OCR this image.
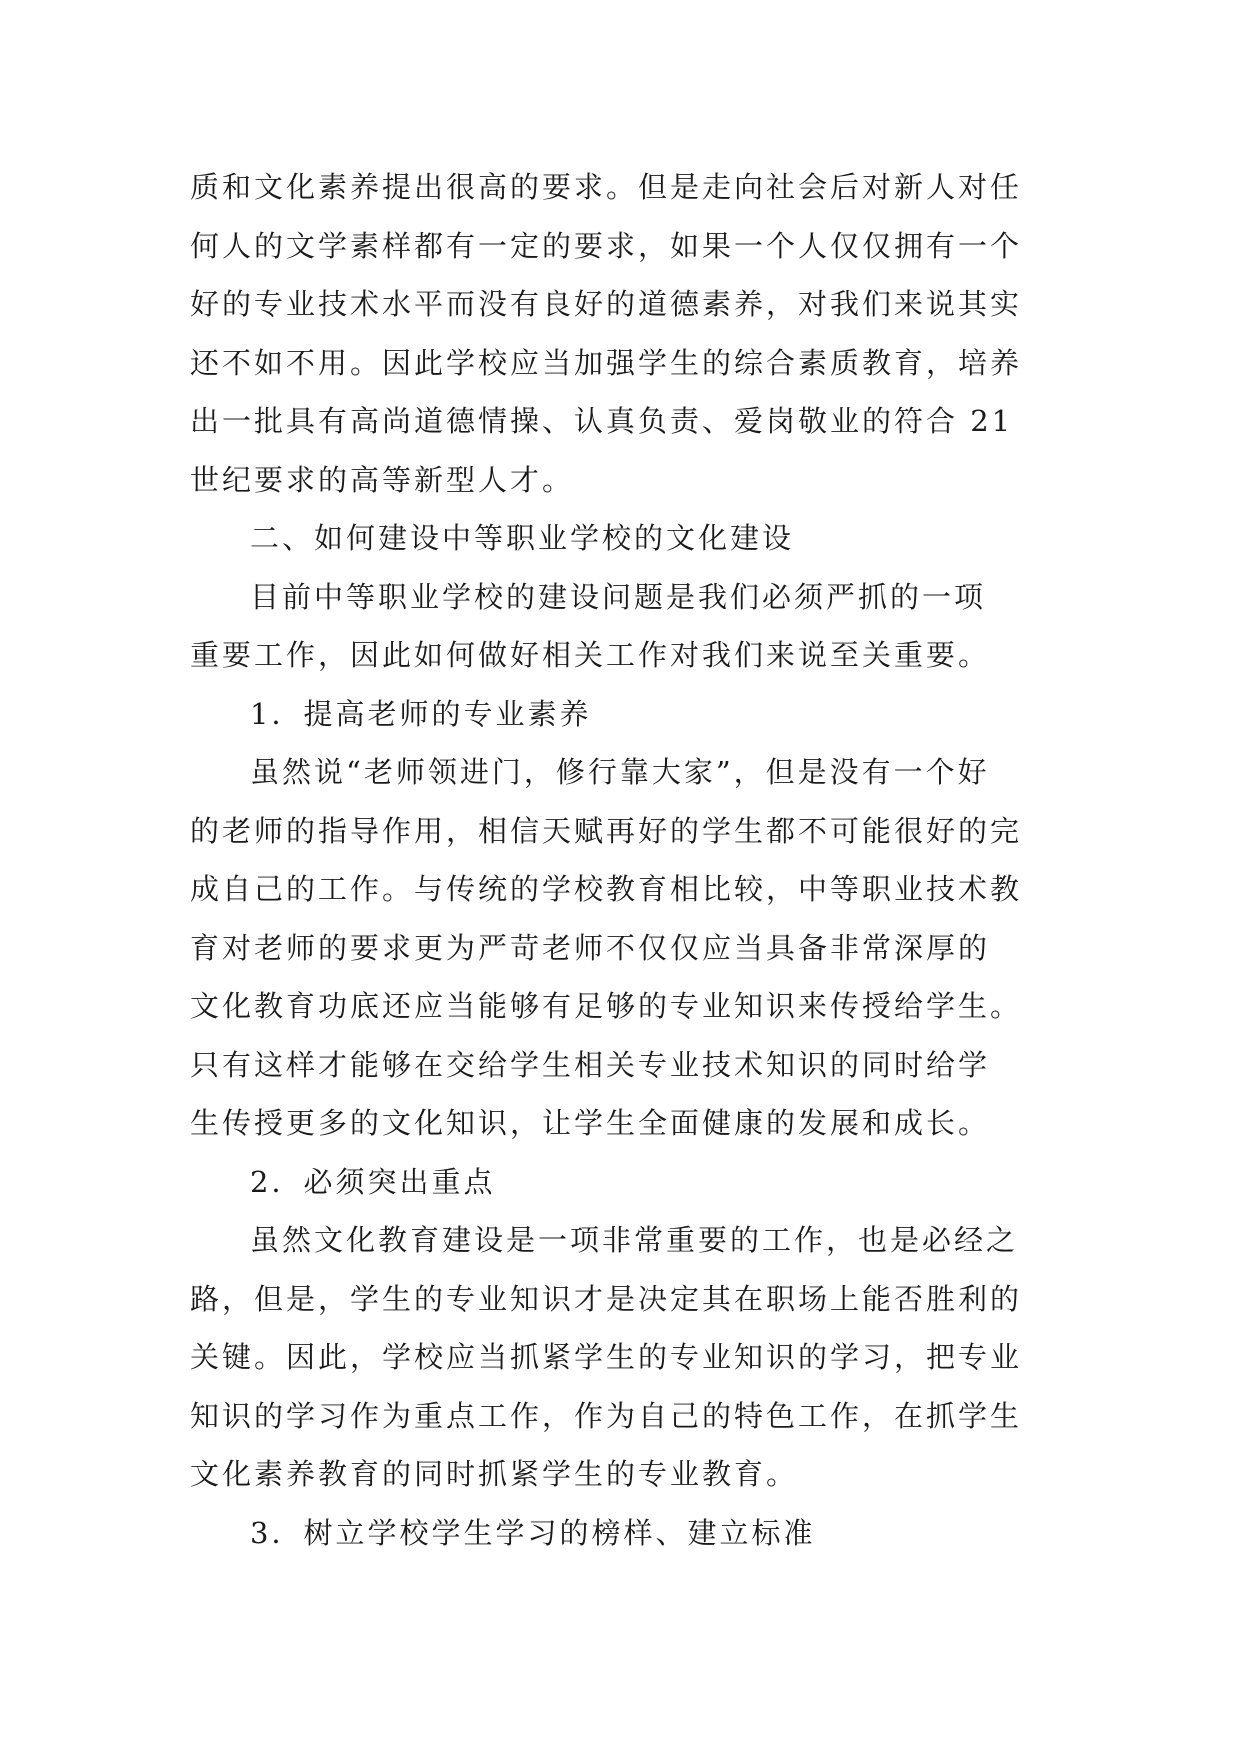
质和文化素养提出很高的要求。但是走向社会后对新人对任
何人的文学素样都有一定的要求，如果一个人仅仅拥有一个
好的专业技术水平而没有良好的道德素养，对我们来说其实
还不如不用。因此学校应当加强学生的综合素质教育，培养
出一批具有高尚道德情操、认真负责、爱岗敬业的符合 21
世纪要求的高等新型人才。
二、如何建设中等职业学校的文化建设
目前中等职业学校的建设问题是我们必须严抓的一项
重要工作，因此如何做好相关工作对我们来说至关重要。
1．提高老师的专业素养
虽然说“老师领进门，修行靠大家”，但是没有一个好
的老师的指导作用，相信天赋再好的学生都不可能很好的完
成自己的工作。与传统的学校教育相比较，中等职业技术教
育对老师的要求更为严苛老师不仅仅应当具备非常深厚的
文化教育功底还应当能够有足够的专业知识来传授给学生。
只有这样才能够在交给学生相关专业技术知识的同时给学
生传授更多的文化知识，让学生全面健康的发展和成长。
2．必须突出重点
虽然文化教育建设是一项非常重要的工作，也是必经之
路，但是，学生的专业知识才是决定其在职场上能否胜利的
关键。因此，学校应当抓紧学生的专业知识的学习，把专业
知识的学习作为重点工作，作为自己的特色工作，在抓学生
文化素养教育的同时抓紧学生的专业教育。
3．树立学校学生学习的榜样、建立标准
